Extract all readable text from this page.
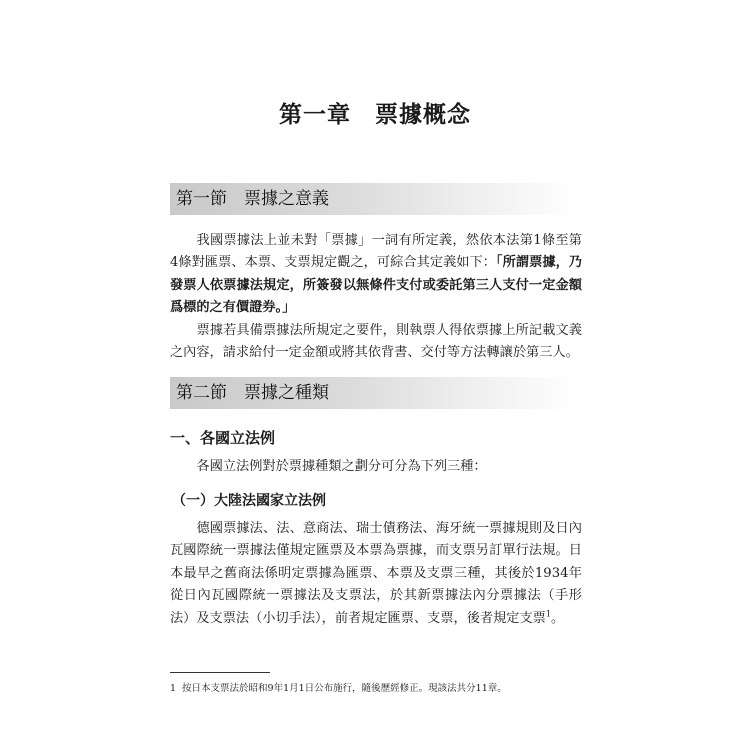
第一章　票據概念
第一節　票據之意義

我國票據法上並未對「票據」一詞有所定義，然依本法第1條至第4條對匯票、本票、支票規定觀之，可綜合其定義如下：「所謂票據，乃發票人依票據法規定，所簽發以無條件支付或委託第三人支付一定金額爲標的之有價證券。」

票據若具備票據法所規定之要件，則執票人得依票據上所記載文義之內容，請求給付一定金額或將其依背書、交付等方法轉讓於第三人。

第二節　票據之種類
一、各國立法例

各國立法例對於票據種類之劃分可分為下列三種：

（一）大陸法國家立法例

德國票據法、法、意商法、瑞士債務法、海牙統一票據規則及日內瓦國際統一票據法僅規定匯票及本票為票據，而支票另訂單行法規。日本最早之舊商法係明定票據為匯票、本票及支票三種，其後於1934年從日內瓦國際統一票據法及支票法，於其新票據法內分票據法（手形法）及支票法（小切手法），前者規定匯票、支票，後者規定支票$^1$。

1 按日本支票法於昭和9年1月1日公布施行，隨後歷經修正。現該法共分11章。
